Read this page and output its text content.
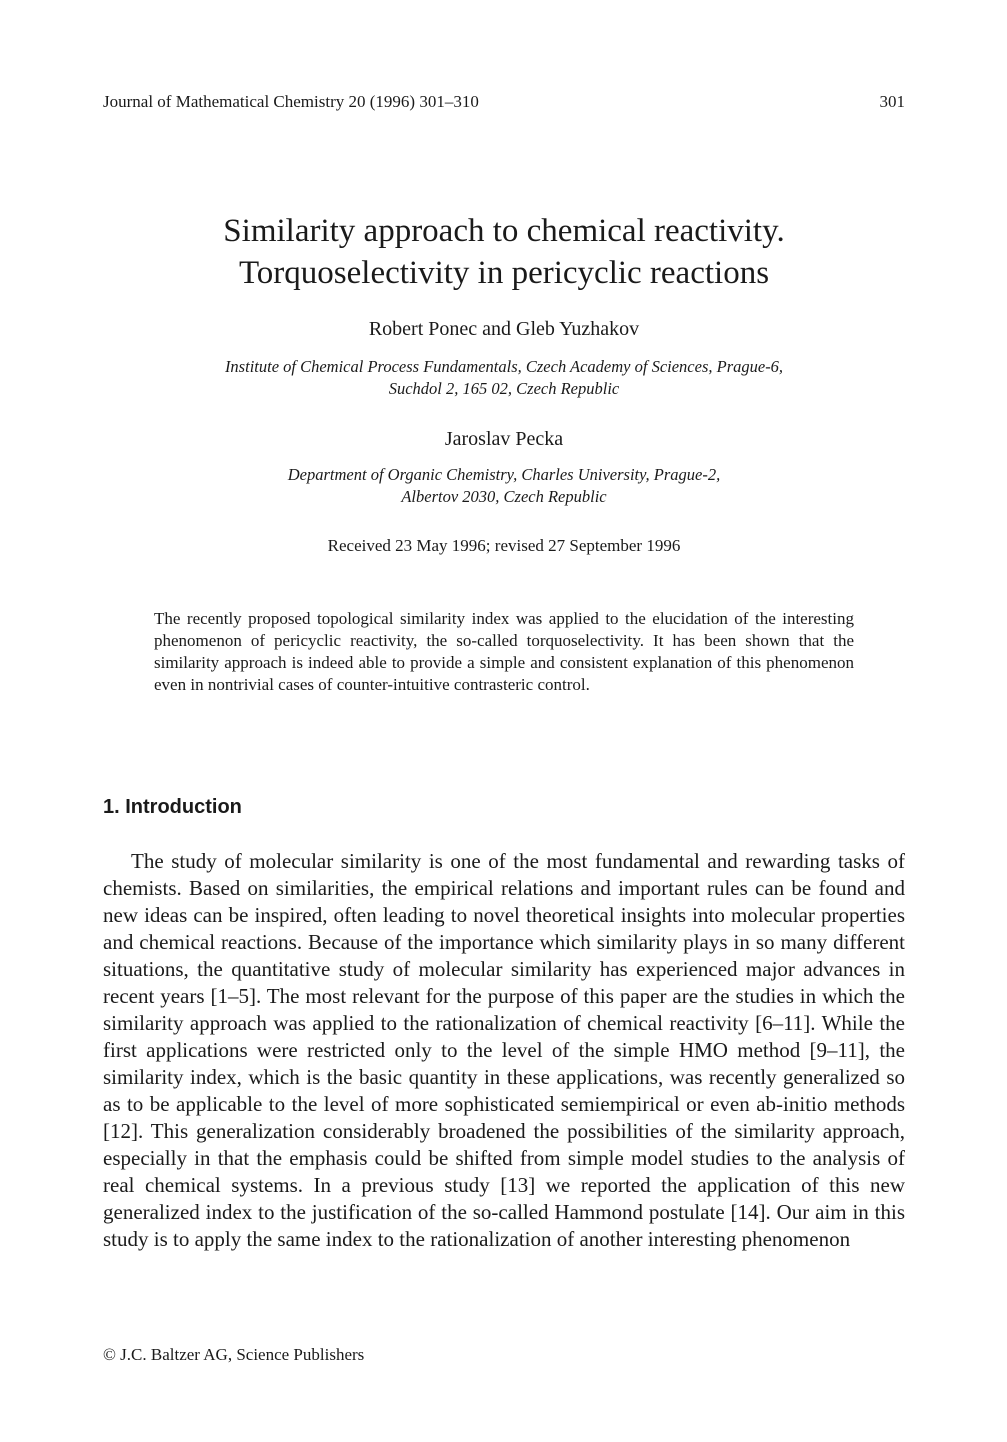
Journal of Mathematical Chemistry 20 (1996) 301–310	301
Similarity approach to chemical reactivity.
Torquoselectivity in pericyclic reactions
Robert Ponec and Gleb Yuzhakov
Institute of Chemical Process Fundamentals, Czech Academy of Sciences, Prague-6,
Suchdol 2, 165 02, Czech Republic
Jaroslav Pecka
Department of Organic Chemistry, Charles University, Prague-2,
Albertov 2030, Czech Republic
Received 23 May 1996; revised 27 September 1996
The recently proposed topological similarity index was applied to the elucidation of the interesting phenomenon of pericyclic reactivity, the so-called torquoselectivity. It has been shown that the similarity approach is indeed able to provide a simple and consistent explanation of this phenomenon even in nontrivial cases of counter-intuitive contrasteric control.
1. Introduction
The study of molecular similarity is one of the most fundamental and rewarding tasks of chemists. Based on similarities, the empirical relations and important rules can be found and new ideas can be inspired, often leading to novel theoretical insights into molecular properties and chemical reactions. Because of the importance which similarity plays in so many different situations, the quantitative study of molecular similarity has experienced major advances in recent years [1–5]. The most relevant for the purpose of this paper are the studies in which the similarity approach was applied to the rationalization of chemical reactivity [6–11]. While the first applications were restricted only to the level of the simple HMO method [9–11], the similarity index, which is the basic quantity in these applications, was recently generalized so as to be applicable to the level of more sophisticated semiempirical or even ab-initio methods [12]. This generalization considerably broadened the possibilities of the similarity approach, especially in that the emphasis could be shifted from simple model studies to the analysis of real chemical systems. In a previous study [13] we reported the application of this new generalized index to the justification of the so-called Hammond postulate [14]. Our aim in this study is to apply the same index to the rationalization of another interesting phenomenon
© J.C. Baltzer AG, Science Publishers
